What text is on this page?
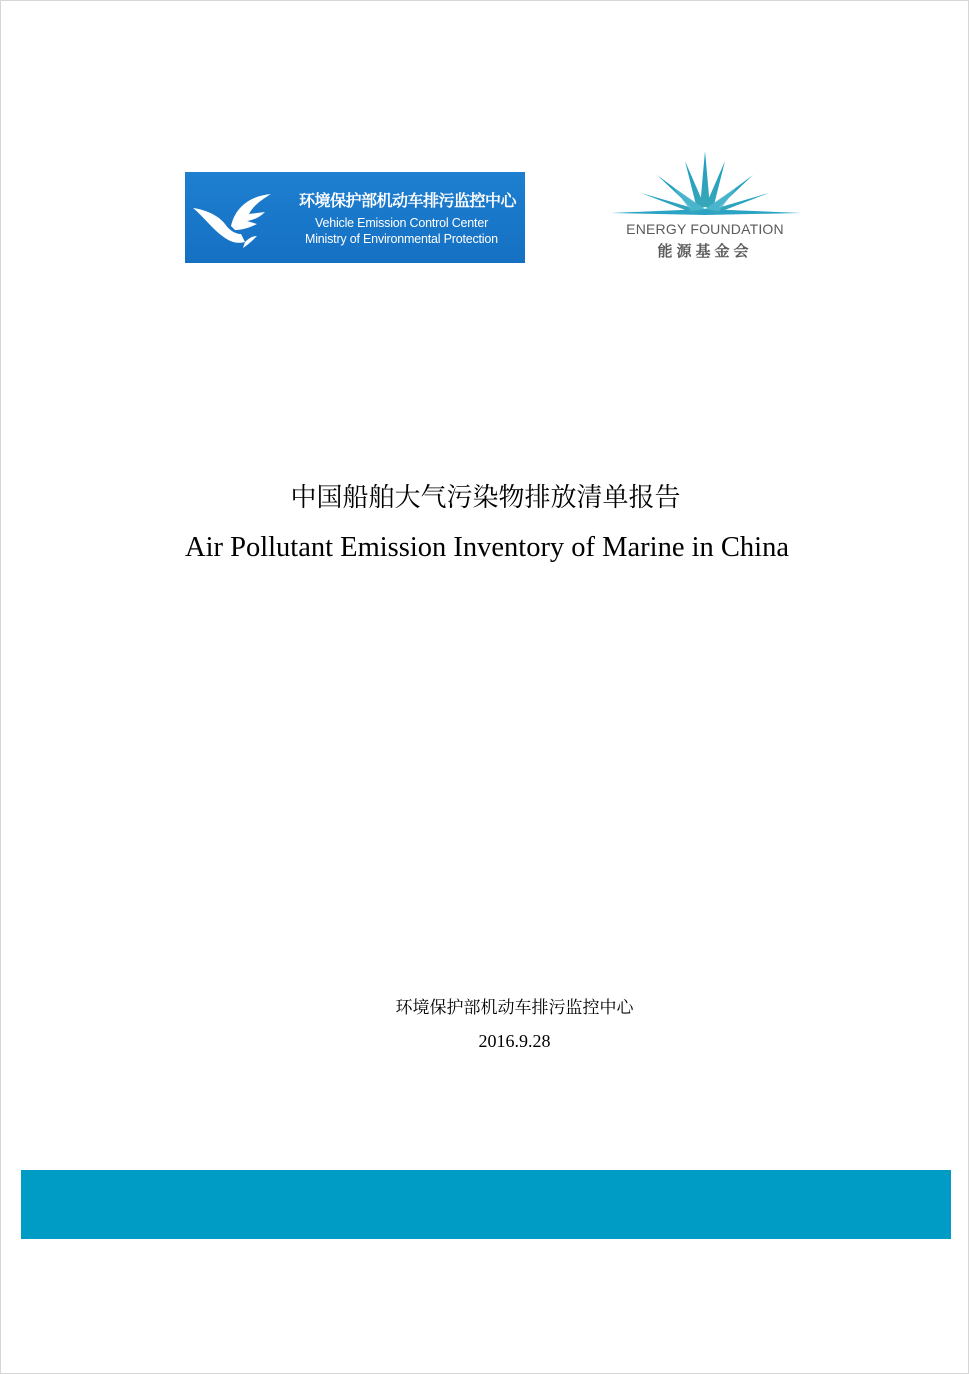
环境保护部机动车排污监控中心
Vehicle Emission Control Center
Ministry of Environmental Protection
ENERGY FOUNDATION
能源基金会
中国船舶大气污染物排放清单报告
Air Pollutant Emission Inventory of Marine in China
环境保护部机动车排污监控中心
2016.9.28
